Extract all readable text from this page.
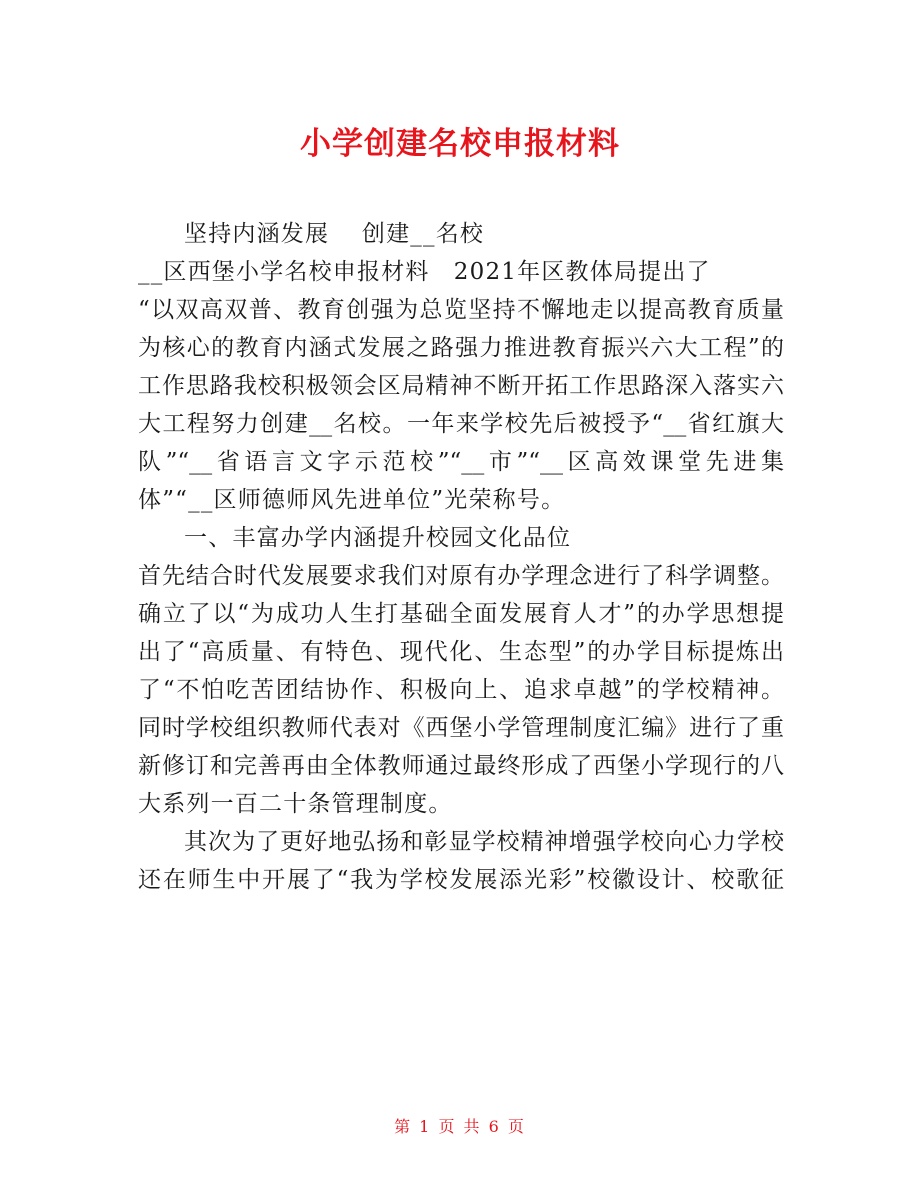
小学创建名校申报材料

坚持内涵发展　 创建__名校

__区西堡小学名校申报材料　2021年区教体局提出了

“以双高双普、教育创强为总览坚持不懈地走以提高教育质量

为核心的教育内涵式发展之路强力推进教育振兴六大工程”的

工作思路我校积极领会区局精神不断开拓工作思路深入落实六

大工程努力创建__名校。一年来学校先后被授予“__省红旗大

队”“__省语言文字示范校”“__市”“__区高效课堂先进集

体”“__区师德师风先进单位”光荣称号。

一、丰富办学内涵提升校园文化品位

首先结合时代发展要求我们对原有办学理念进行了科学调整。

确立了以“为成功人生打基础全面发展育人才”的办学思想提

出了“高质量、有特色、现代化、生态型”的办学目标提炼出

了“不怕吃苦团结协作、积极向上、追求卓越”的学校精神。

同时学校组织教师代表对《西堡小学管理制度汇编》进行了重

新修订和完善再由全体教师通过最终形成了西堡小学现行的八

大系列一百二十条管理制度。

其次为了更好地弘扬和彰显学校精神增强学校向心力学校

还在师生中开展了“我为学校发展添光彩”校徽设计、校歌征

第 1 页 共 6 页
